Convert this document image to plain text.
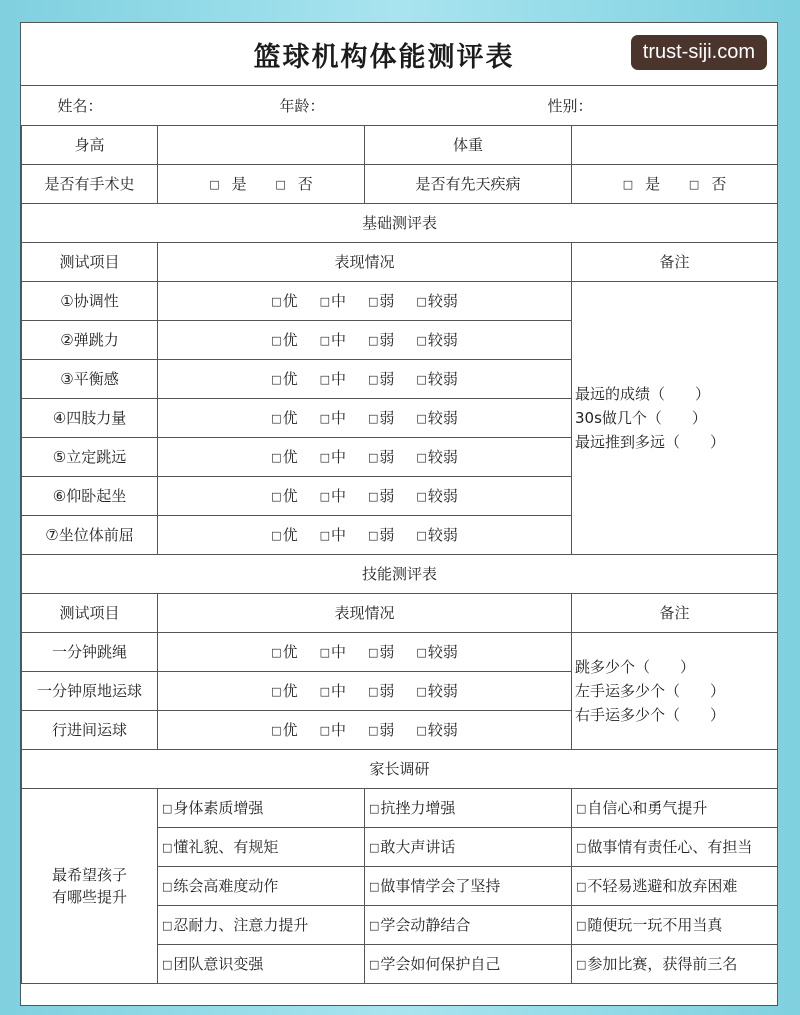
篮球机构体能测评表
姓名：	年龄：		性别：
身高		体重	
是否有手术史	□ 是 □ 否	是否有先天疾病	□ 是 □ 否
基础测评表			
测试项目	表现情况		备注
①协调性	□优 □中 □弱 □较弱		最远的成绩（　　）
30s做几个（　　）
最远推到多远（　　）

②弹跳力	□优 □中 □弱 □较弱		
③平衡感	□优 □中 □弱 □较弱		
④四肢力量	□优 □中 □弱 □较弱		
⑤立定跳远	□优 □中 □弱 □较弱		
⑥仰卧起坐	□优 □中 □弱 □较弱		
⑦坐位体前屈	□优 □中 □弱 □较弱		
技能测评表			
测试项目	表现情况		备注
一分钟跳绳	□优 □中 □弱 □较弱		跳多少个（　　）
左手运多少个（　　）
右手运多少个（　　）

一分钟原地运球	□优 □中 □弱 □较弱		
行进间运球	□优 □中 □弱 □较弱		
家长调研			

最希望孩子
有哪些提升	□身体素质增强	□抗挫力增强	□自信心和勇气提升
	□懂礼貌、有规矩	□敢大声讲话	□做事情有责任心、有担当
	□练会高难度动作	□做事情学会了坚持	□不轻易逃避和放弃困难
	□忍耐力、注意力提升	□学会动静结合	□随便玩一玩不用当真
	□团队意识变强	□学会如何保护自己	□参加比赛，获得前三名
trust-siji.com
